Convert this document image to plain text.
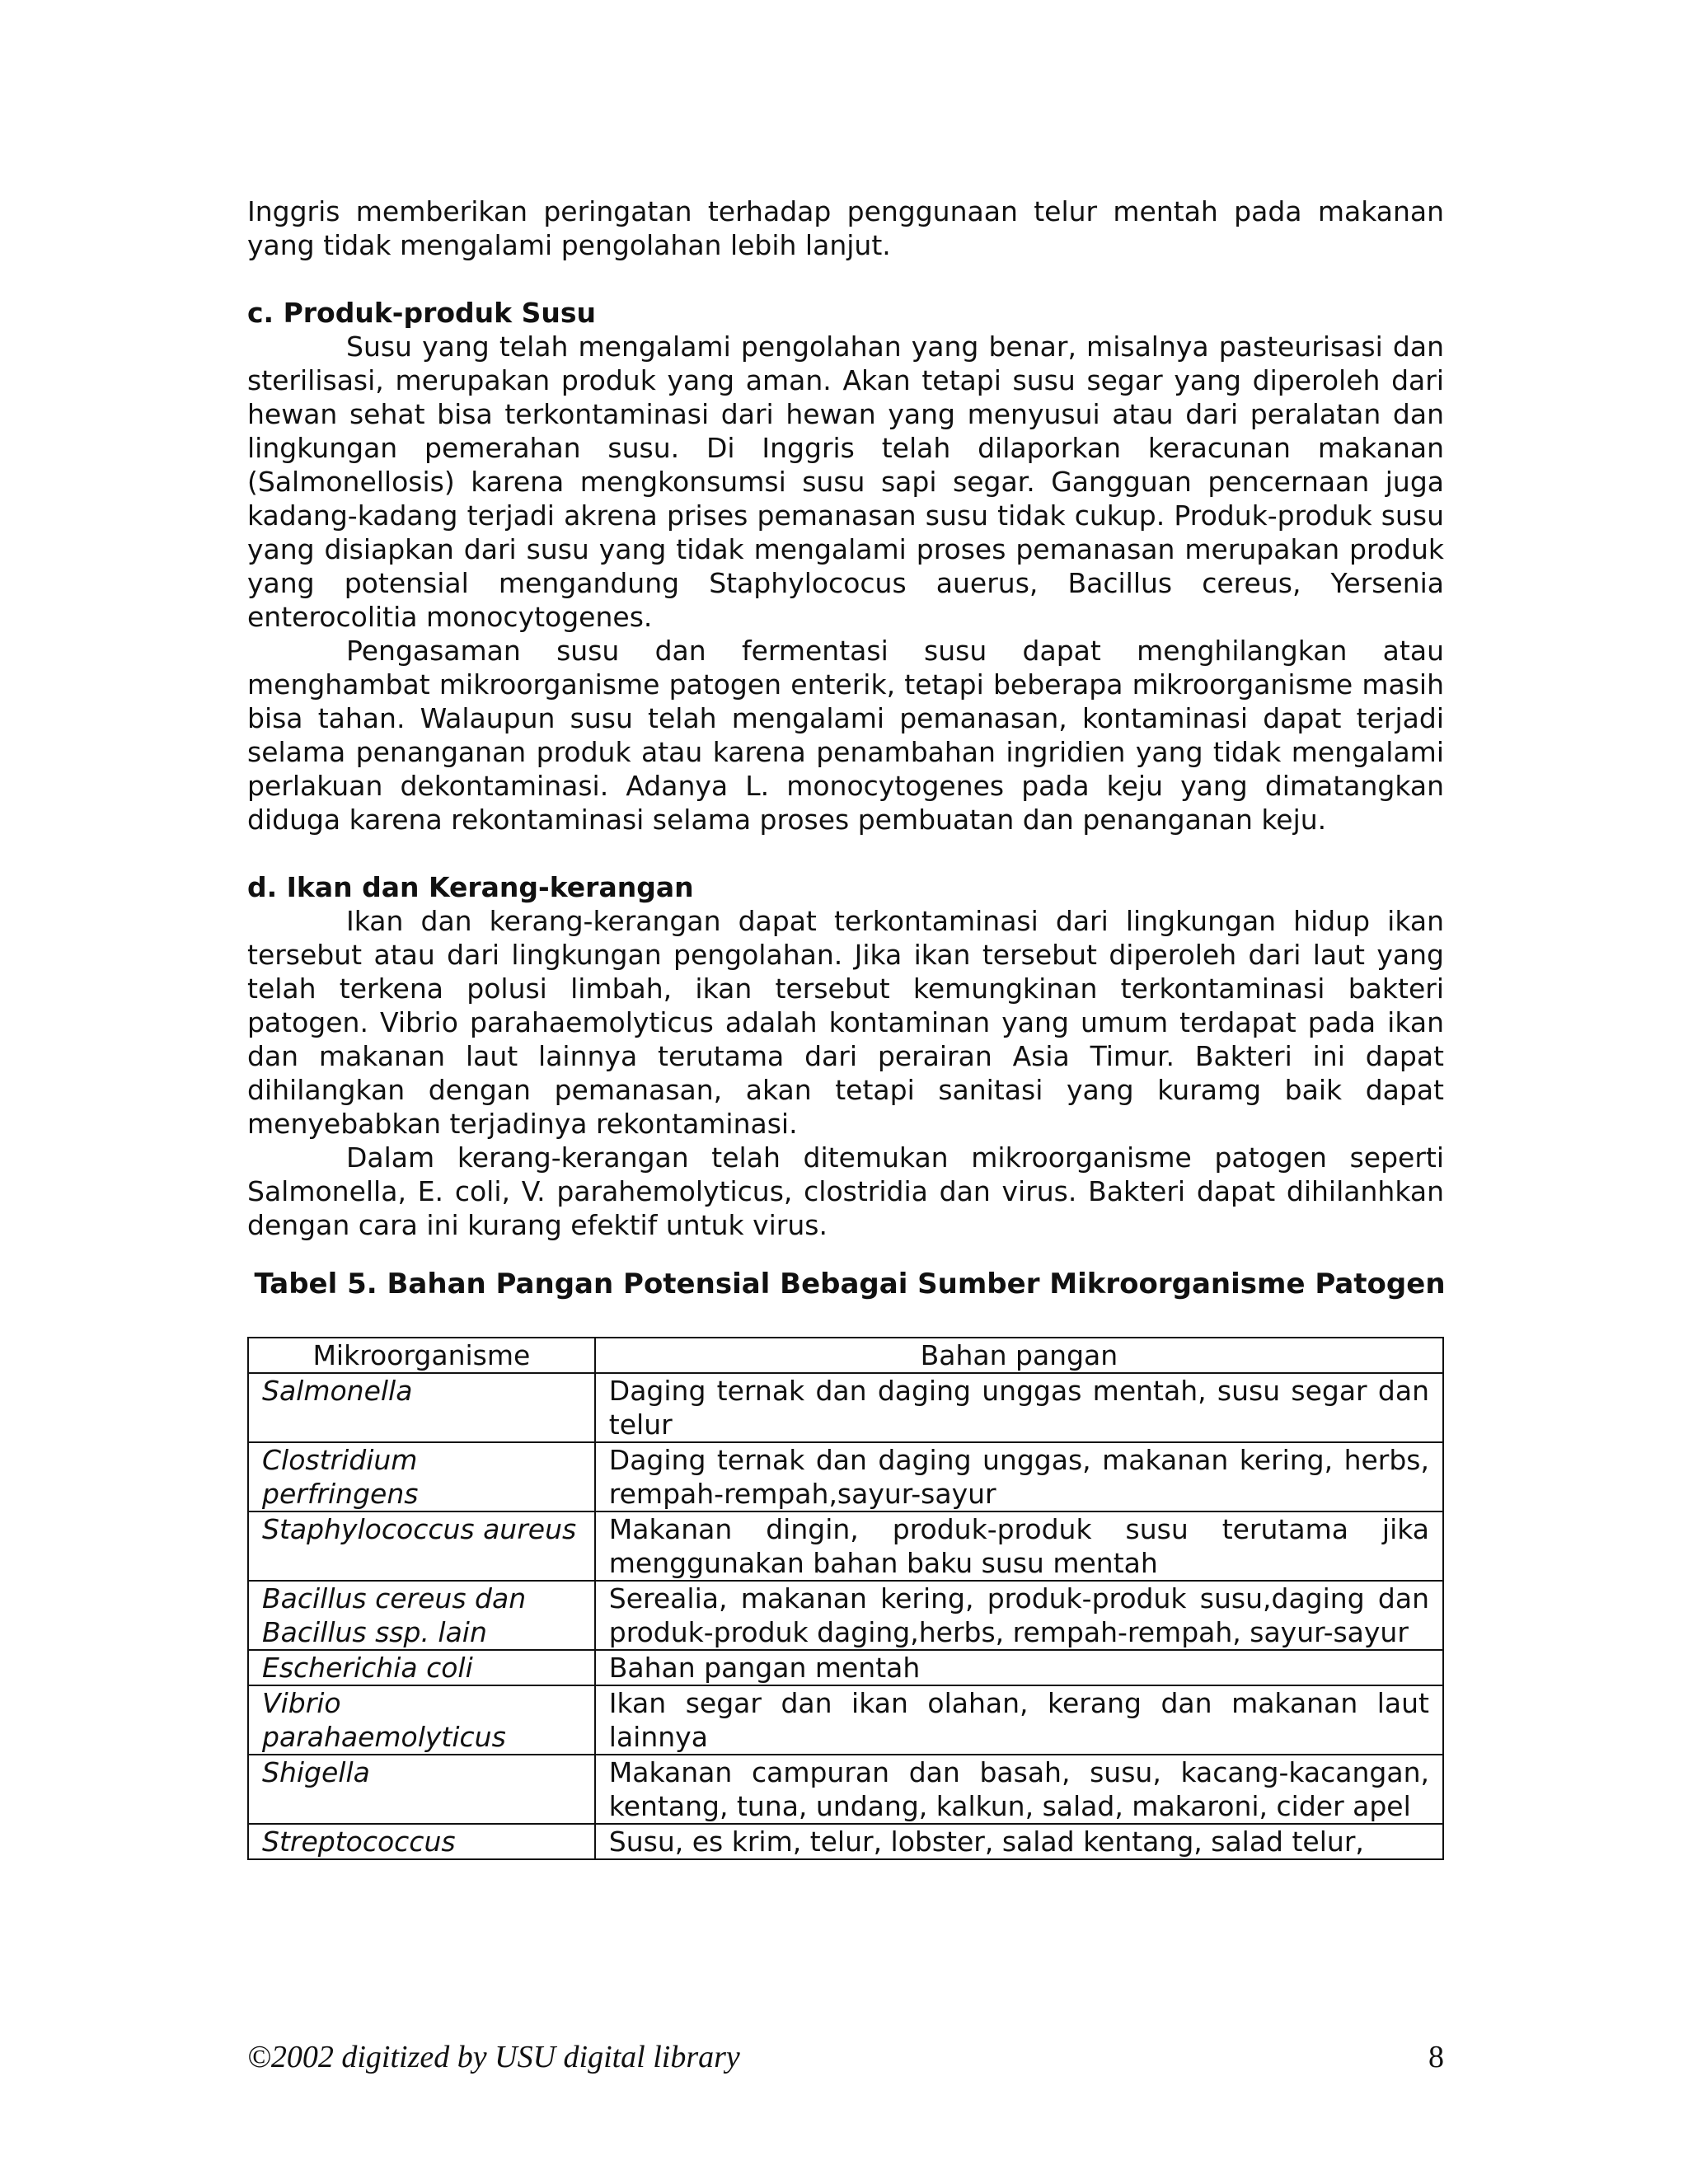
Inggris memberikan peringatan terhadap penggunaan telur mentah pada makanan yang tidak mengalami pengolahan lebih lanjut.

c. Produk-produk Susu

Susu yang telah mengalami pengolahan yang benar, misalnya pasteurisasi dan sterilisasi, merupakan produk yang aman. Akan tetapi susu segar yang diperoleh dari hewan sehat bisa terkontaminasi dari hewan yang menyusui atau dari peralatan dan lingkungan pemerahan susu. Di Inggris telah dilaporkan keracunan makanan (Salmonellosis) karena mengkonsumsi susu sapi segar. Gangguan pencernaan juga kadang-kadang terjadi akrena prises pemanasan susu tidak cukup. Produk-produk susu yang disiapkan dari susu yang tidak mengalami proses pemanasan merupakan produk yang potensial mengandung Staphylococus auerus, Bacillus cereus, Yersenia enterocolitia monocytogenes.

Pengasaman susu dan fermentasi susu dapat menghilangkan atau menghambat mikroorganisme patogen enterik, tetapi beberapa mikroorganisme masih bisa tahan. Walaupun susu telah mengalami pemanasan, kontaminasi dapat terjadi selama penanganan produk atau karena penambahan ingridien yang tidak mengalami perlakuan dekontaminasi. Adanya L. monocytogenes pada keju yang dimatangkan diduga karena rekontaminasi selama proses pembuatan dan penanganan keju.

d. Ikan dan Kerang-kerangan

Ikan dan kerang-kerangan dapat terkontaminasi dari lingkungan hidup ikan tersebut atau dari lingkungan pengolahan. Jika ikan tersebut diperoleh dari laut yang telah terkena polusi limbah, ikan tersebut kemungkinan terkontaminasi bakteri patogen. Vibrio parahaemolyticus adalah kontaminan yang umum terdapat pada ikan dan makanan laut lainnya terutama dari perairan Asia Timur. Bakteri ini dapat dihilangkan dengan pemanasan, akan tetapi sanitasi yang kuramg baik dapat menyebabkan terjadinya rekontaminasi.

Dalam kerang-kerangan telah ditemukan mikroorganisme patogen seperti Salmonella, E. coli, V. parahemolyticus, clostridia dan virus. Bakteri dapat dihilanhkan dengan cara ini kurang efektif untuk virus.

Tabel 5. Bahan Pangan Potensial Bebagai Sumber Mikroorganisme Patogen

Mikroorganisme	Bahan pangan
Salmonella	Daging ternak dan daging unggas mentah, susu segar dan telur
Clostridium perfringens	Daging ternak dan daging unggas, makanan kering, herbs, rempah-rempah,sayur-sayur
Staphylococcus aureus	Makanan dingin, produk-produk susu terutama jika menggunakan bahan baku susu mentah
Bacillus cereus dan Bacillus ssp. lain	Serealia, makanan kering, produk-produk susu,daging dan produk-produk daging,herbs, rempah-rempah, sayur-sayur
Escherichia coli	Bahan pangan mentah
Vibrio parahaemolyticus	Ikan segar dan ikan olahan, kerang dan makanan laut lainnya
Shigella	Makanan campuran dan basah, susu, kacang-kacangan, kentang, tuna, undang, kalkun, salad, makaroni, cider apel
Streptococcus	Susu, es krim, telur, lobster, salad kentang, salad telur,
©2002 digitized by USU digital library	8
